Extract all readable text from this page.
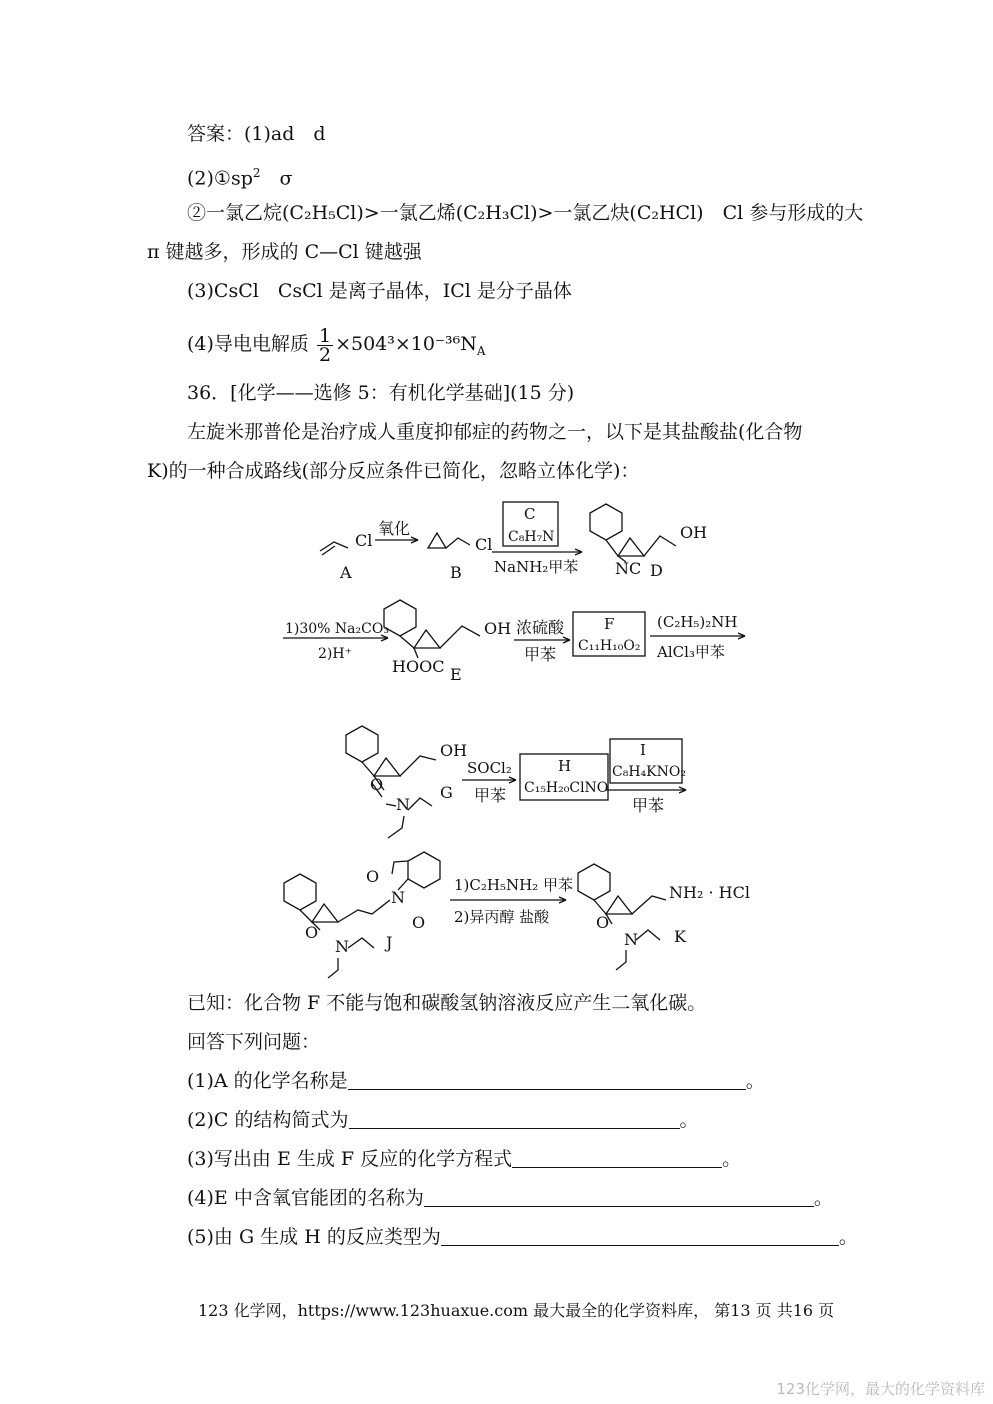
答案：(1)ad　d
$(2)①sp^2$　σ
②一氯乙烷(C₂H₅Cl)>一氯乙烯(C₂H₃Cl)>一氯乙炔(C₂HCl)　Cl 参与形成的大
π 键越多，形成的 C—Cl 键越强
(3)CsCl　CsCl 是离子晶体，ICl 是分子晶体
(4)导电电解质 $\frac{1}{2} \times 504^3\times 10^{-36}N_A$
36．[化学——选修 5：有机化学基础](15 分)
左旋米那普伦是治疗成人重度抑郁症的药物之一，以下是其盐酸盐(化合物
K)的一种合成路线(部分反应条件已简化，忽略立体化学)：
Cl
A
氧化
Cl
B
C
C₈H₇N
NaNH₂甲苯
OH
NC D
1)30% Na₂CO₃
2)H⁺
OH
HOOC E
浓硫酸
甲苯
F
C₁₁H₁₀O₂
(C₂H₅)₂NH
AlCl₃甲苯
OH
O
N
G
SOCl₂
甲苯
H
C₁₅H₂₀ClNO
I
C₈H₄KNO₂
甲苯
O
N
O
N
O
J
1)C₂H₅NH₂ 甲苯
2)异丙醇 盐酸
NH₂ · HCl
O
N K
已知：化合物 F 不能与饱和碳酸氢钠溶液反应产生二氧化碳。
回答下列问题：
(1)A 的化学名称是	。
(2)C 的结构简式为	。
(3)写出由 E 生成 F 反应的化学方程式	。
(4)E 中含氧官能团的名称为	。
(5)由 G 生成 H 的反应类型为	。
123 化学网，https://www.123huaxue.com 最大最全的化学资料库， 第13 页 共16 页
123化学网，最大的化学资料库
